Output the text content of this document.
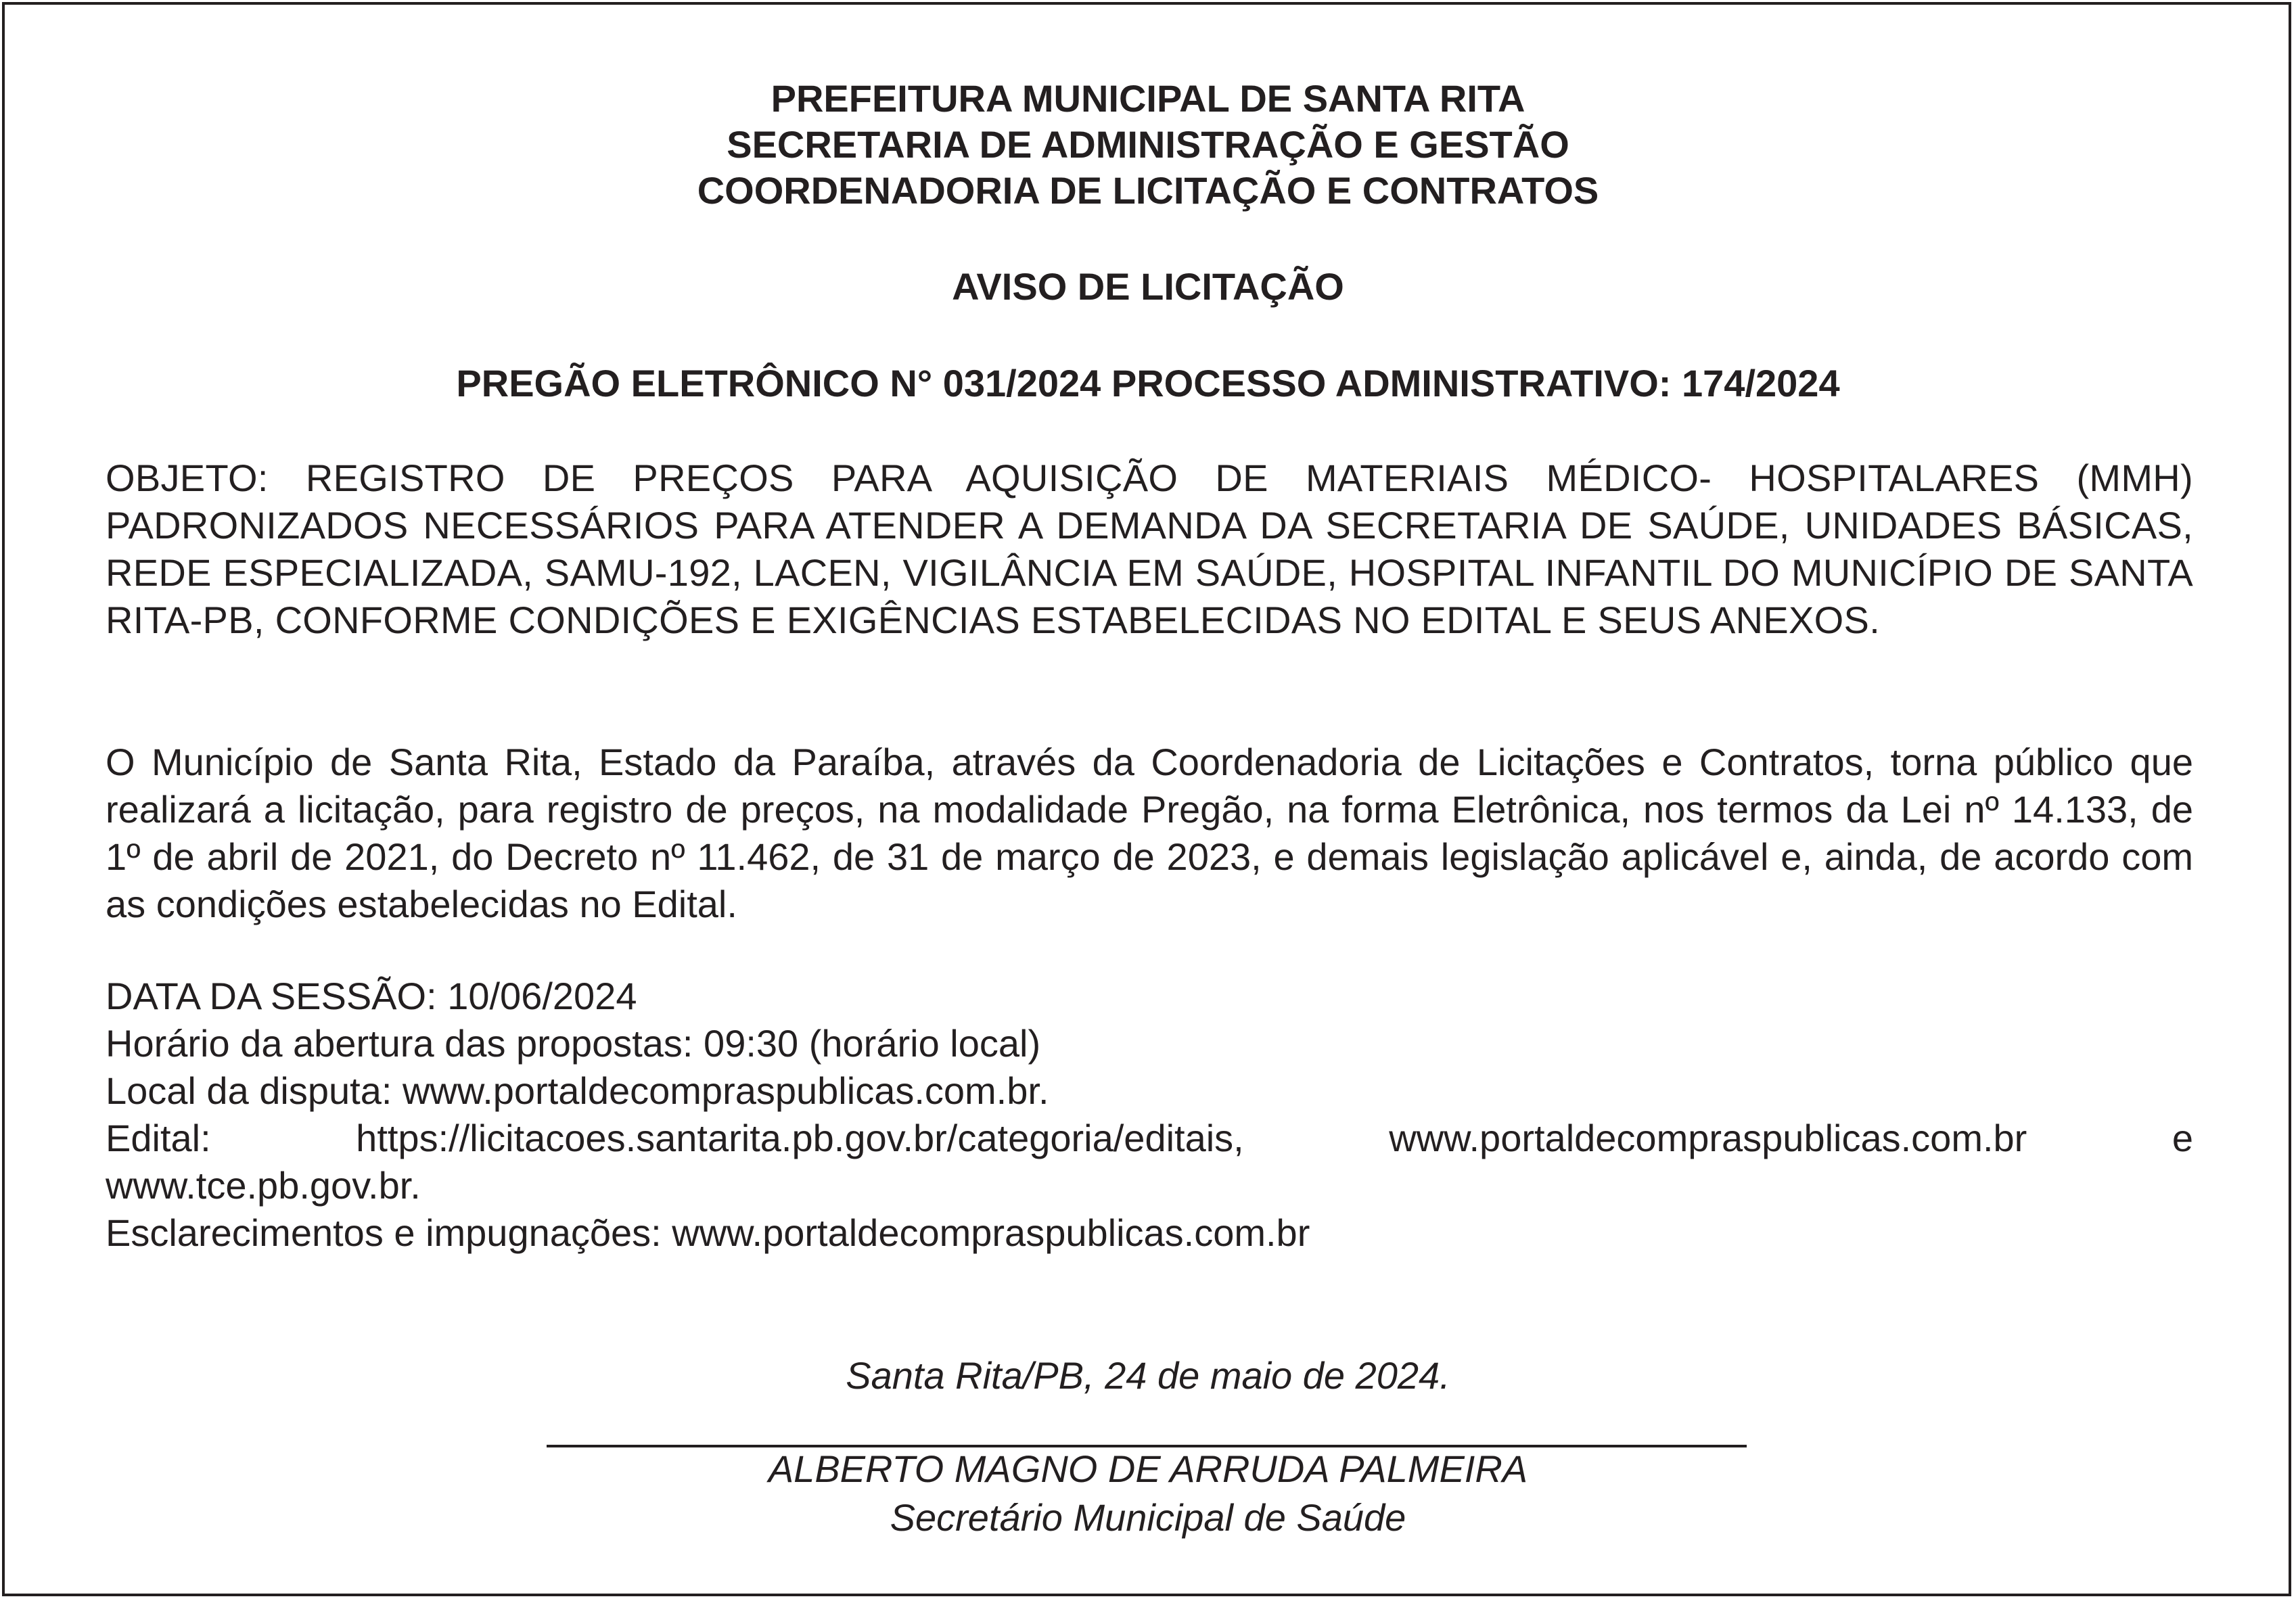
PREFEITURA MUNICIPAL DE SANTA RITA
SECRETARIA DE ADMINISTRAÇÃO E GESTÃO
COORDENADORIA DE LICITAÇÃO E CONTRATOS
AVISO DE LICITAÇÃO
PREGÃO ELETRÔNICO N° 031/2024 PROCESSO ADMINISTRATIVO: 174/2024
OBJETO: REGISTRO DE PREÇOS PARA AQUISIÇÃO DE MATERIAIS MÉDICO- HOSPITALARES (MMH) PADRONIZADOS NECESSÁRIOS PARA ATENDER A DEMANDA DA SECRETARIA DE SAÚDE, UNIDADES BÁSICAS, REDE ESPECIALIZADA, SAMU-192, LACEN, VIGILÂNCIA EM SAÚDE, HOSPITAL INFANTIL DO MUNICÍPIO DE SANTA RITA-PB, CONFORME CONDIÇÕES E EXIGÊNCIAS ESTABELECIDAS NO EDITAL E SEUS ANEXOS.
O Município de Santa Rita, Estado da Paraíba, através da Coordenadoria de Licitações e Contratos, torna público que realizará a licitação, para registro de preços, na modalidade Pregão, na forma Eletrônica, nos termos da Lei nº 14.133, de 1º de abril de 2021, do Decreto nº 11.462, de 31 de março de 2023, e demais legislação aplicável e, ainda, de acordo com as condições estabelecidas no Edital.
DATA DA SESSÃO: 10/06/2024
Horário da abertura das propostas: 09:30 (horário local)
Local da disputa: www.portaldecompraspublicas.com.br.
Edital: https://licitacoes.santarita.pb.gov.br/categoria/editais, www.portaldecompraspublicas.com.br e
www.tce.pb.gov.br.
Esclarecimentos e impugnações: www.portaldecompraspublicas.com.br
Santa Rita/PB, 24 de maio de 2024.
ALBERTO MAGNO DE ARRUDA PALMEIRA
Secretário Municipal de Saúde
